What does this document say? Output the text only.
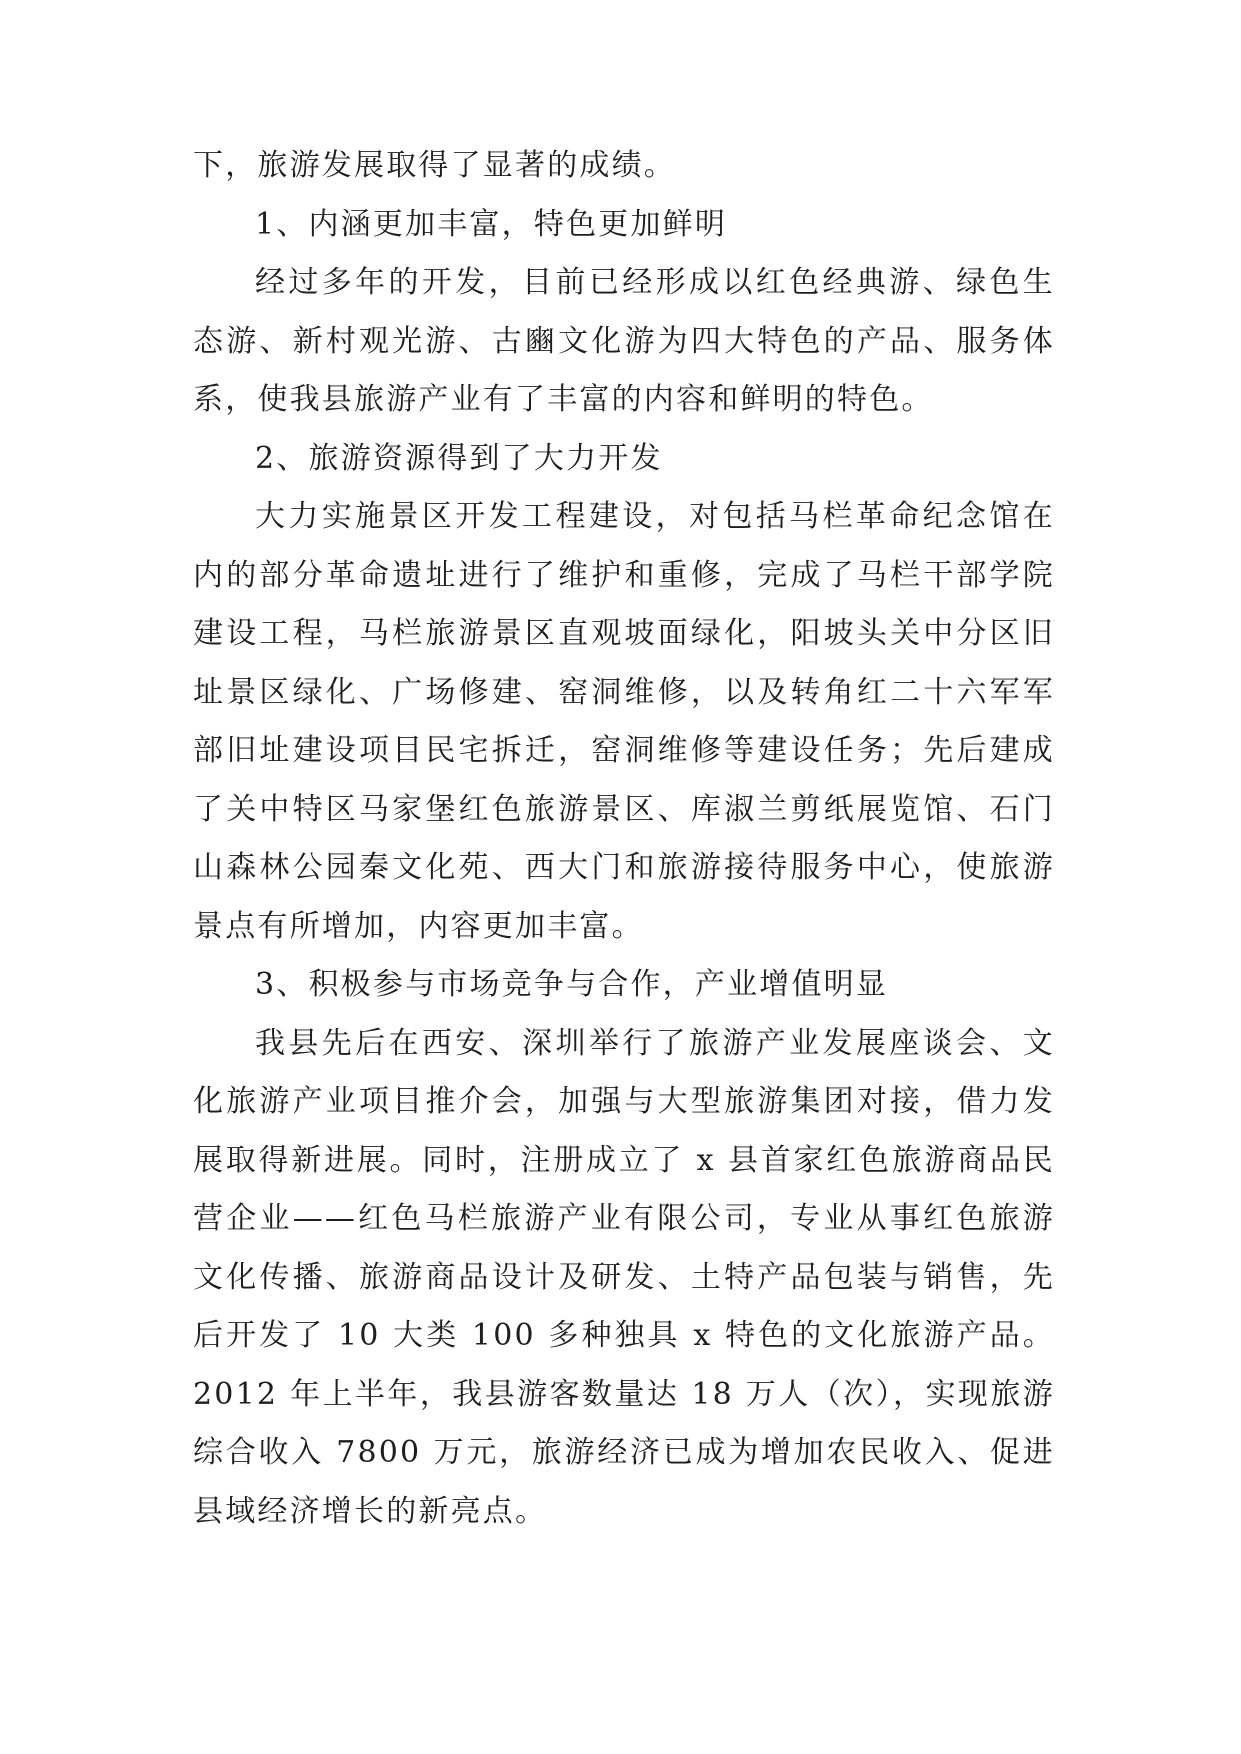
下，旅游发展取得了显著的成绩。

1、内涵更加丰富，特色更加鲜明

经过多年的开发，目前已经形成以红色经典游、绿色生态游、新村观光游、古豳文化游为四大特色的产品、服务体系，使我县旅游产业有了丰富的内容和鲜明的特色。

2、旅游资源得到了大力开发

大力实施景区开发工程建设，对包括马栏革命纪念馆在内的部分革命遗址进行了维护和重修，完成了马栏干部学院建设工程，马栏旅游景区直观坡面绿化，阳坡头关中分区旧址景区绿化、广场修建、窑洞维修，以及转角红二十六军军部旧址建设项目民宅拆迁，窑洞维修等建设任务；先后建成了关中特区马家堡红色旅游景区、库淑兰剪纸展览馆、石门山森林公园秦文化苑、西大门和旅游接待服务中心，使旅游景点有所增加，内容更加丰富。

3、积极参与市场竞争与合作，产业增值明显

我县先后在西安、深圳举行了旅游产业发展座谈会、文化旅游产业项目推介会，加强与大型旅游集团对接，借力发展取得新进展。同时，注册成立了 x 县首家红色旅游商品民营企业——红色马栏旅游产业有限公司，专业从事红色旅游文化传播、旅游商品设计及研发、土特产品包装与销售，先后开发了 10 大类 100 多种独具 x 特色的文化旅游产品。2012 年上半年，我县游客数量达 18 万人（次），实现旅游综合收入 7800 万元，旅游经济已成为增加农民收入、促进县域经济增长的新亮点。
